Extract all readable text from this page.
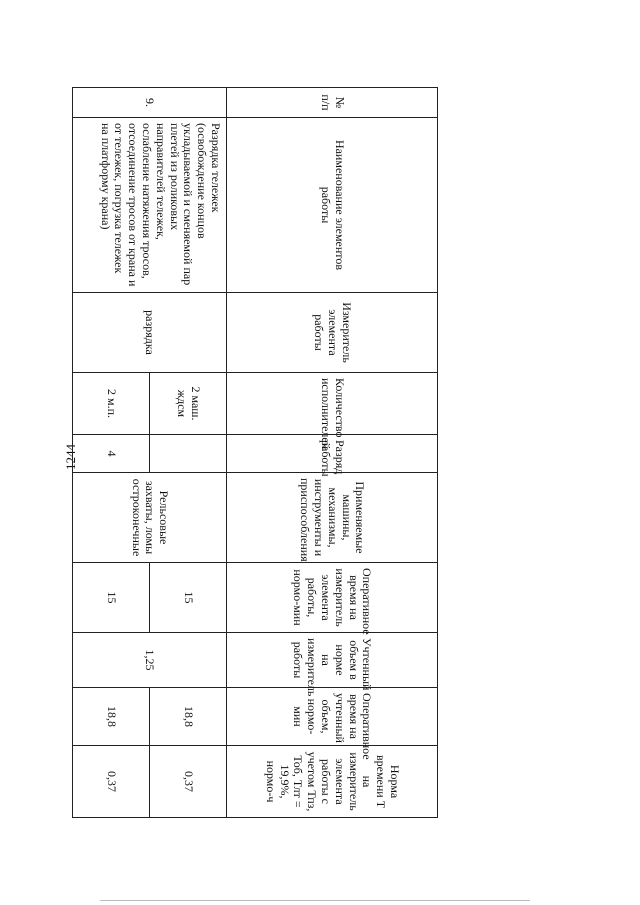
1244
№ п/п	Наименование элементов работы	Измеритель элемента работы	Количество исполнителей	Разряд работы	Применяемые машины, механизмы, инструменты и приспособления	Оперативное время на измеритель элемента работы, нормо-мин	Учтенный объем в норме на измеритель работы	Оперативное время на учтенный объем, нормо-мин	Норма времени Т на измеритель элемента работы с учетом Тпз, Тоб, Тлт = 19,9%, нормо-ч
9.	Разрядка тележек (освобождение концов укладываемой и сменяемой пар плетей из роликовых направителей тележек, ослабление натяжения тросов, отсоединение тросов от крана и от тележек, погрузка тележек на платформу крана)	разрядка	2 маш. ждсм		Рельсовые захваты, ломы остроконечные	15	1,25	18,8	0,37
			2 м.п.	4		15		18,8	0,37
